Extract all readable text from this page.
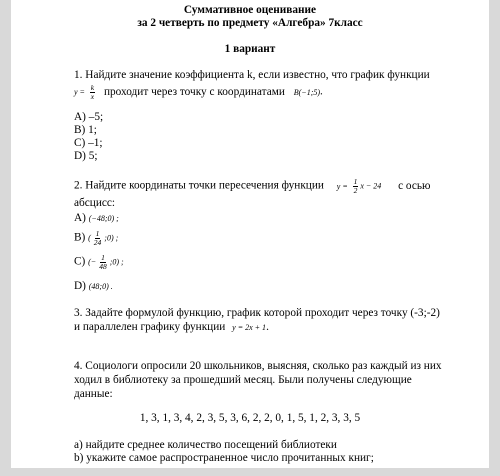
Суммативное оценивание
за 2 четверть по предмету «Алгебра» 7класс
1 вариант
1. Найдите значение коэффициента k, если известно, что график функции
$y = \frac{k}{x}$ проходит через точку с координатами B(−1;5).
A) –5;
B) 1;
C) –1;
D) 5;
2. Найдите координаты точки пересечения функции $y = \frac{1}{2}$ x − 24 с осью
абсцисс:
A) (−48;0) ;
B) ( $\frac{1}{24}$ ;0) ;
C) (− $\frac{1}{48}$ ;0) ;
D) (48;0) .
3. Задайте формулой функцию, график которой проходит через точку (-3;-2)
и параллелен графику функции y = 2x + 1.
4. Социологи опросили 20 школьников, выясняя, сколько раз каждый из них
ходил в библиотеку за прошедший месяц. Были получены следующие
данные:
1, 3, 1, 3, 4, 2, 3, 5, 3, 6, 2, 2, 0, 1, 5, 1, 2, 3, 3, 5
a) найдите среднее количество посещений библиотеки
b) укажите самое распространенное число прочитанных книг;
